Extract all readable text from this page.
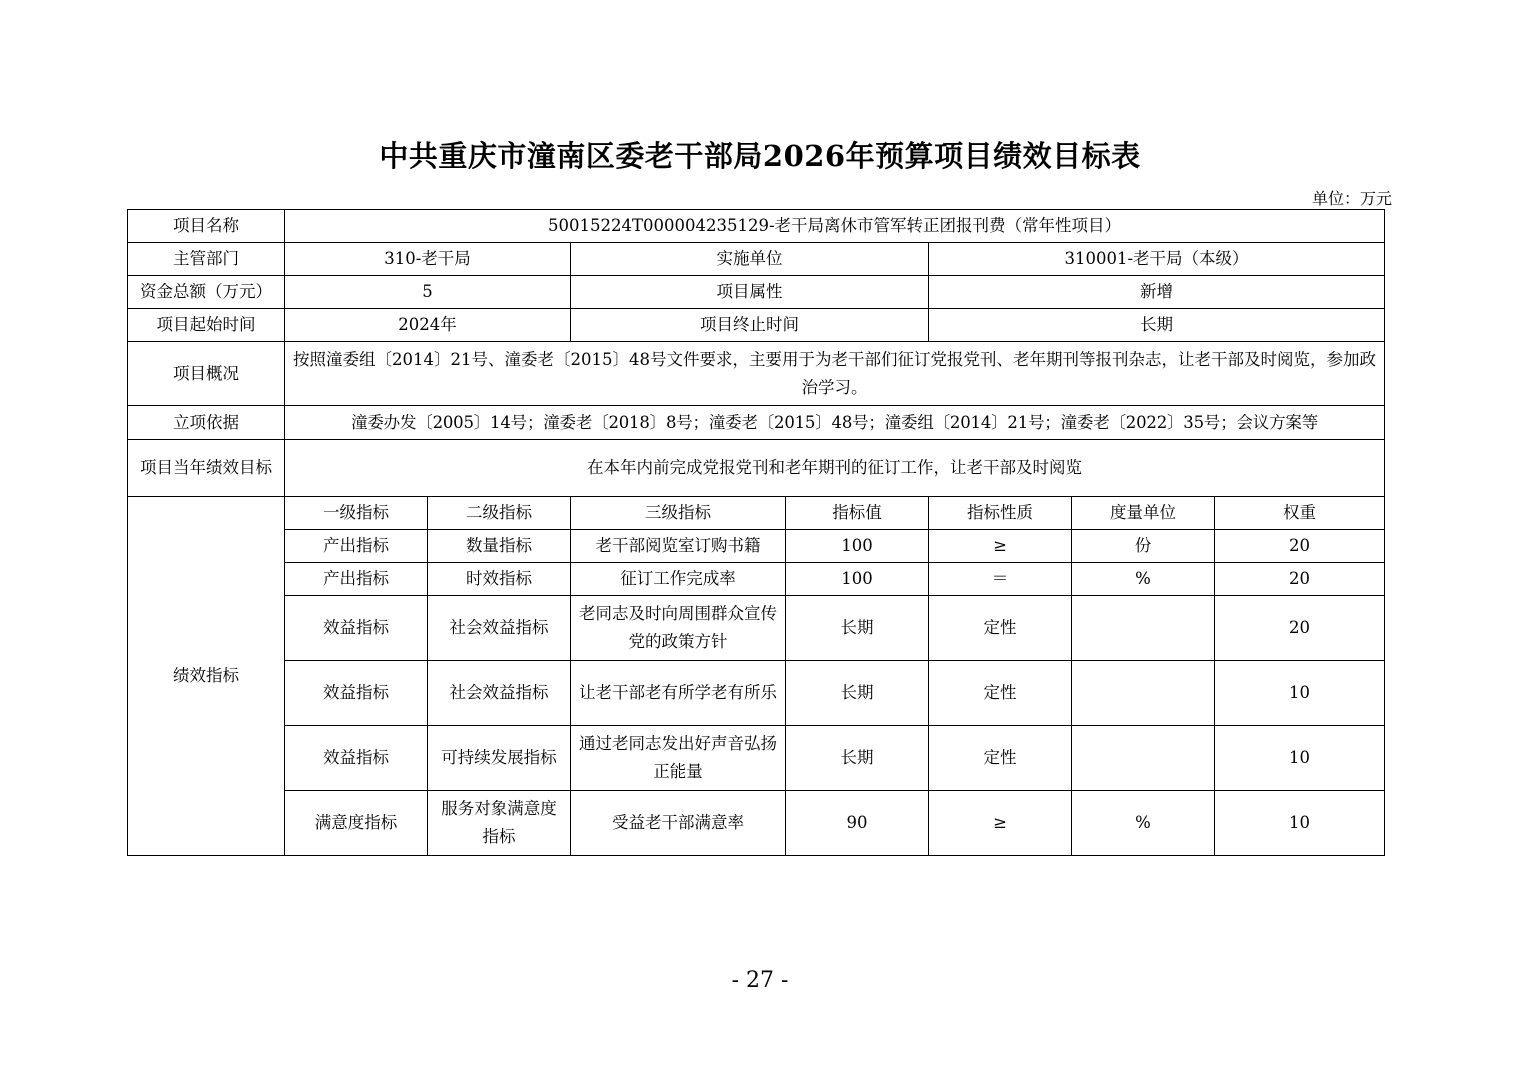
中共重庆市潼南区委老干部局2026年预算项目绩效目标表
单位：万元
项目名称	50015224T000004235129-老干局离休市管军转正团报刊费（常年性项目）						
主管部门	310-老干局		实施单位		310001-老干局（本级）		
资金总额（万元）	5		项目属性		新增		
项目起始时间	2024年		项目终止时间		长期		
项目概况	按照潼委组〔2014〕21号、潼委老〔2015〕48号文件要求，主要用于为老干部们征订党报党刊、老年期刊等报刊杂志，让老干部及时阅览，参加政治学习。						
立项依据	潼委办发〔2005〕14号；潼委老〔2018〕8号；潼委老〔2015〕48号；潼委组〔2014〕21号；潼委老〔2022〕35号；会议方案等						
项目当年绩效目标	在本年内前完成党报党刊和老年期刊的征订工作，让老干部及时阅览						
绩效指标	一级指标	二级指标	三级指标	指标值	指标性质	度量单位	权重
	产出指标	数量指标	老干部阅览室订购书籍	100	≥	份	20
	产出指标	时效指标	征订工作完成率	100	＝	%	20
	效益指标	社会效益指标	老同志及时向周围群众宣传党的政策方针	长期	定性		20
	效益指标	社会效益指标	让老干部老有所学老有所乐	长期	定性		10
	效益指标	可持续发展指标	通过老同志发出好声音弘扬正能量	长期	定性		10
	满意度指标	服务对象满意度指标	受益老干部满意率	90	≥	%	10
- 27 -
